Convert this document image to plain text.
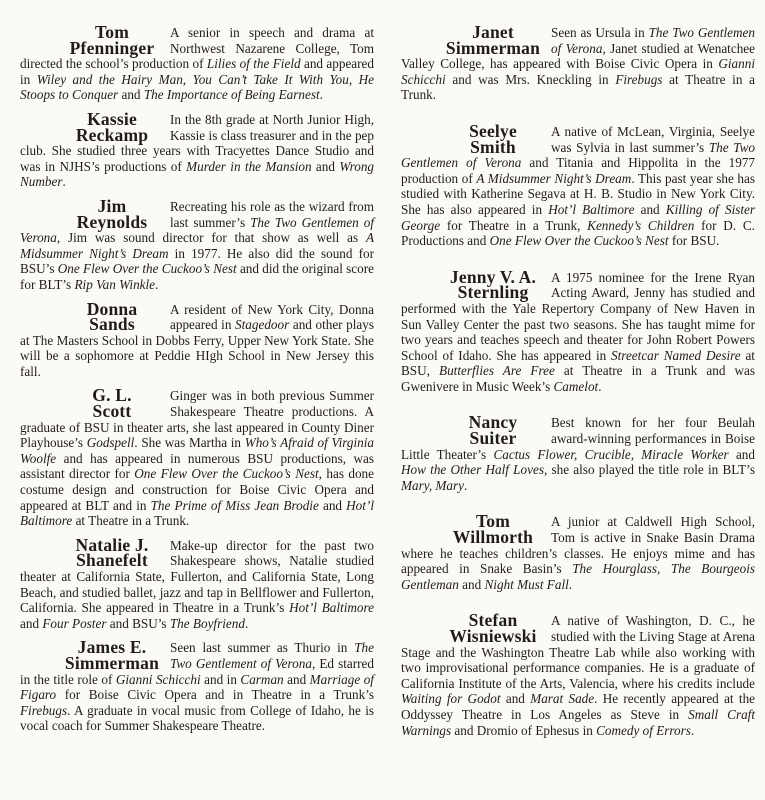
Tom
Pfenninger
A senior in speech and drama at Northwest Nazarene College, Tom directed the school’s production of Lilies of the Field and appeared in Wiley and the Hairy Man, You Can’t Take It With You, He Stoops to Conquer and The Importance of Being Earnest.

Kassie
Reckamp
In the 8th grade at North Junior High, Kassie is class treasurer and in the pep club. She studied three years with Tracyettes Dance Studio and was in NJHS’s productions of Murder in the Mansion and Wrong Number.

Jim
Reynolds
Recreating his role as the wizard from last summer’s The Two Gentlemen of Verona, Jim was sound director for that show as well as A Midsummer Night’s Dream in 1977. He also did the sound for BSU’s One Flew Over the Cuckoo’s Nest and did the original score for BLT’s Rip Van Winkle.

Donna
Sands
A resident of New York City, Donna appeared in Stagedoor and other plays at The Masters School in Dobbs Ferry, Upper New York State. She will be a sophomore at Peddie HIgh School in New Jersey this fall.

G. L.
Scott
Ginger was in both previous Summer Shakespeare Theatre productions. A graduate of BSU in theater arts, she last appeared in County Diner Playhouse’s Godspell. She was Martha in Who’s Afraid of Virginia Woolfe and has appeared in numerous BSU productions, was assistant director for One Flew Over the Cuckoo’s Nest, has done costume design and construction for Boise Civic Opera and appeared at BLT and in The Prime of Miss Jean Brodie and Hot’l Baltimore at Theatre in a Trunk.

Natalie J.
Shanefelt
Make-up director for the past two Shakespeare shows, Natalie studied theater at California State, Fullerton, and California State, Long Beach, and studied ballet, jazz and tap in Bellflower and Fullerton, California. She appeared in Theatre in a Trunk’s Hot’l Baltimore and Four Poster and BSU’s The Boyfriend.

James E.
Simmerman
Seen last summer as Thurio in The Two Gentlement of Verona, Ed starred in the title role of Gianni Schicchi and in Carman and Marriage of Figaro for Boise Civic Opera and in Theatre in a Trunk’s Firebugs. A graduate in vocal music from College of Idaho, he is vocal coach for Summer Shakespeare Theatre.

Janet
Simmerman
Seen as Ursula in The Two Gentlemen of Verona, Janet studied at Wenatchee Valley College, has appeared with Boise Civic Opera in Gianni Schicchi and was Mrs. Kneckling in Firebugs at Theatre in a Trunk.

Seelye
Smith
A native of McLean, Virginia, Seelye was Sylvia in last summer’s The Two Gentlemen of Verona and Titania and Hippolita in the 1977 production of A Midsummer Night’s Dream. This past year she has studied with Katherine Segava at H. B. Studio in New York City. She has also appeared in Hot’l Baltimore and Killing of Sister George for Theatre in a Trunk, Kennedy’s Children for D. C. Productions and One Flew Over the Cuckoo’s Nest for BSU.

Jenny V. A.
Sternling
A 1975 nominee for the Irene Ryan Acting Award, Jenny has studied and performed with the Yale Repertory Company of New Haven in Sun Valley Center the past two seasons. She has taught mime for two years and teaches speech and theater for John Robert Powers School of Idaho. She has appeared in Streetcar Named Desire at BSU, Butterflies Are Free at Theatre in a Trunk and was Gwenivere in Music Week’s Camelot.

Nancy
Suiter
Best known for her four Beulah award-winning performances in Boise Little Theater’s Cactus Flower, Crucible, Miracle Worker and How the Other Half Loves, she also played the title role in BLT’s Mary, Mary.

Tom
Willmorth
A junior at Caldwell High School, Tom is active in Snake Basin Drama where he teaches children’s classes. He enjoys mime and has appeared in Snake Basin’s The Hourglass, The Bourgeois Gentleman and Night Must Fall.

Stefan
Wisniewski
A native of Washington, D. C., he studied with the Living Stage at Arena Stage and the Washington Theatre Lab while also working with two improvisational performance companies. He is a graduate of California Institute of the Arts, Valencia, where his credits include Waiting for Godot and Marat Sade. He recently appeared at the Oddyssey Theatre in Los Angeles as Steve in Small Craft Warnings and Dromio of Ephesus in Comedy of Errors.
